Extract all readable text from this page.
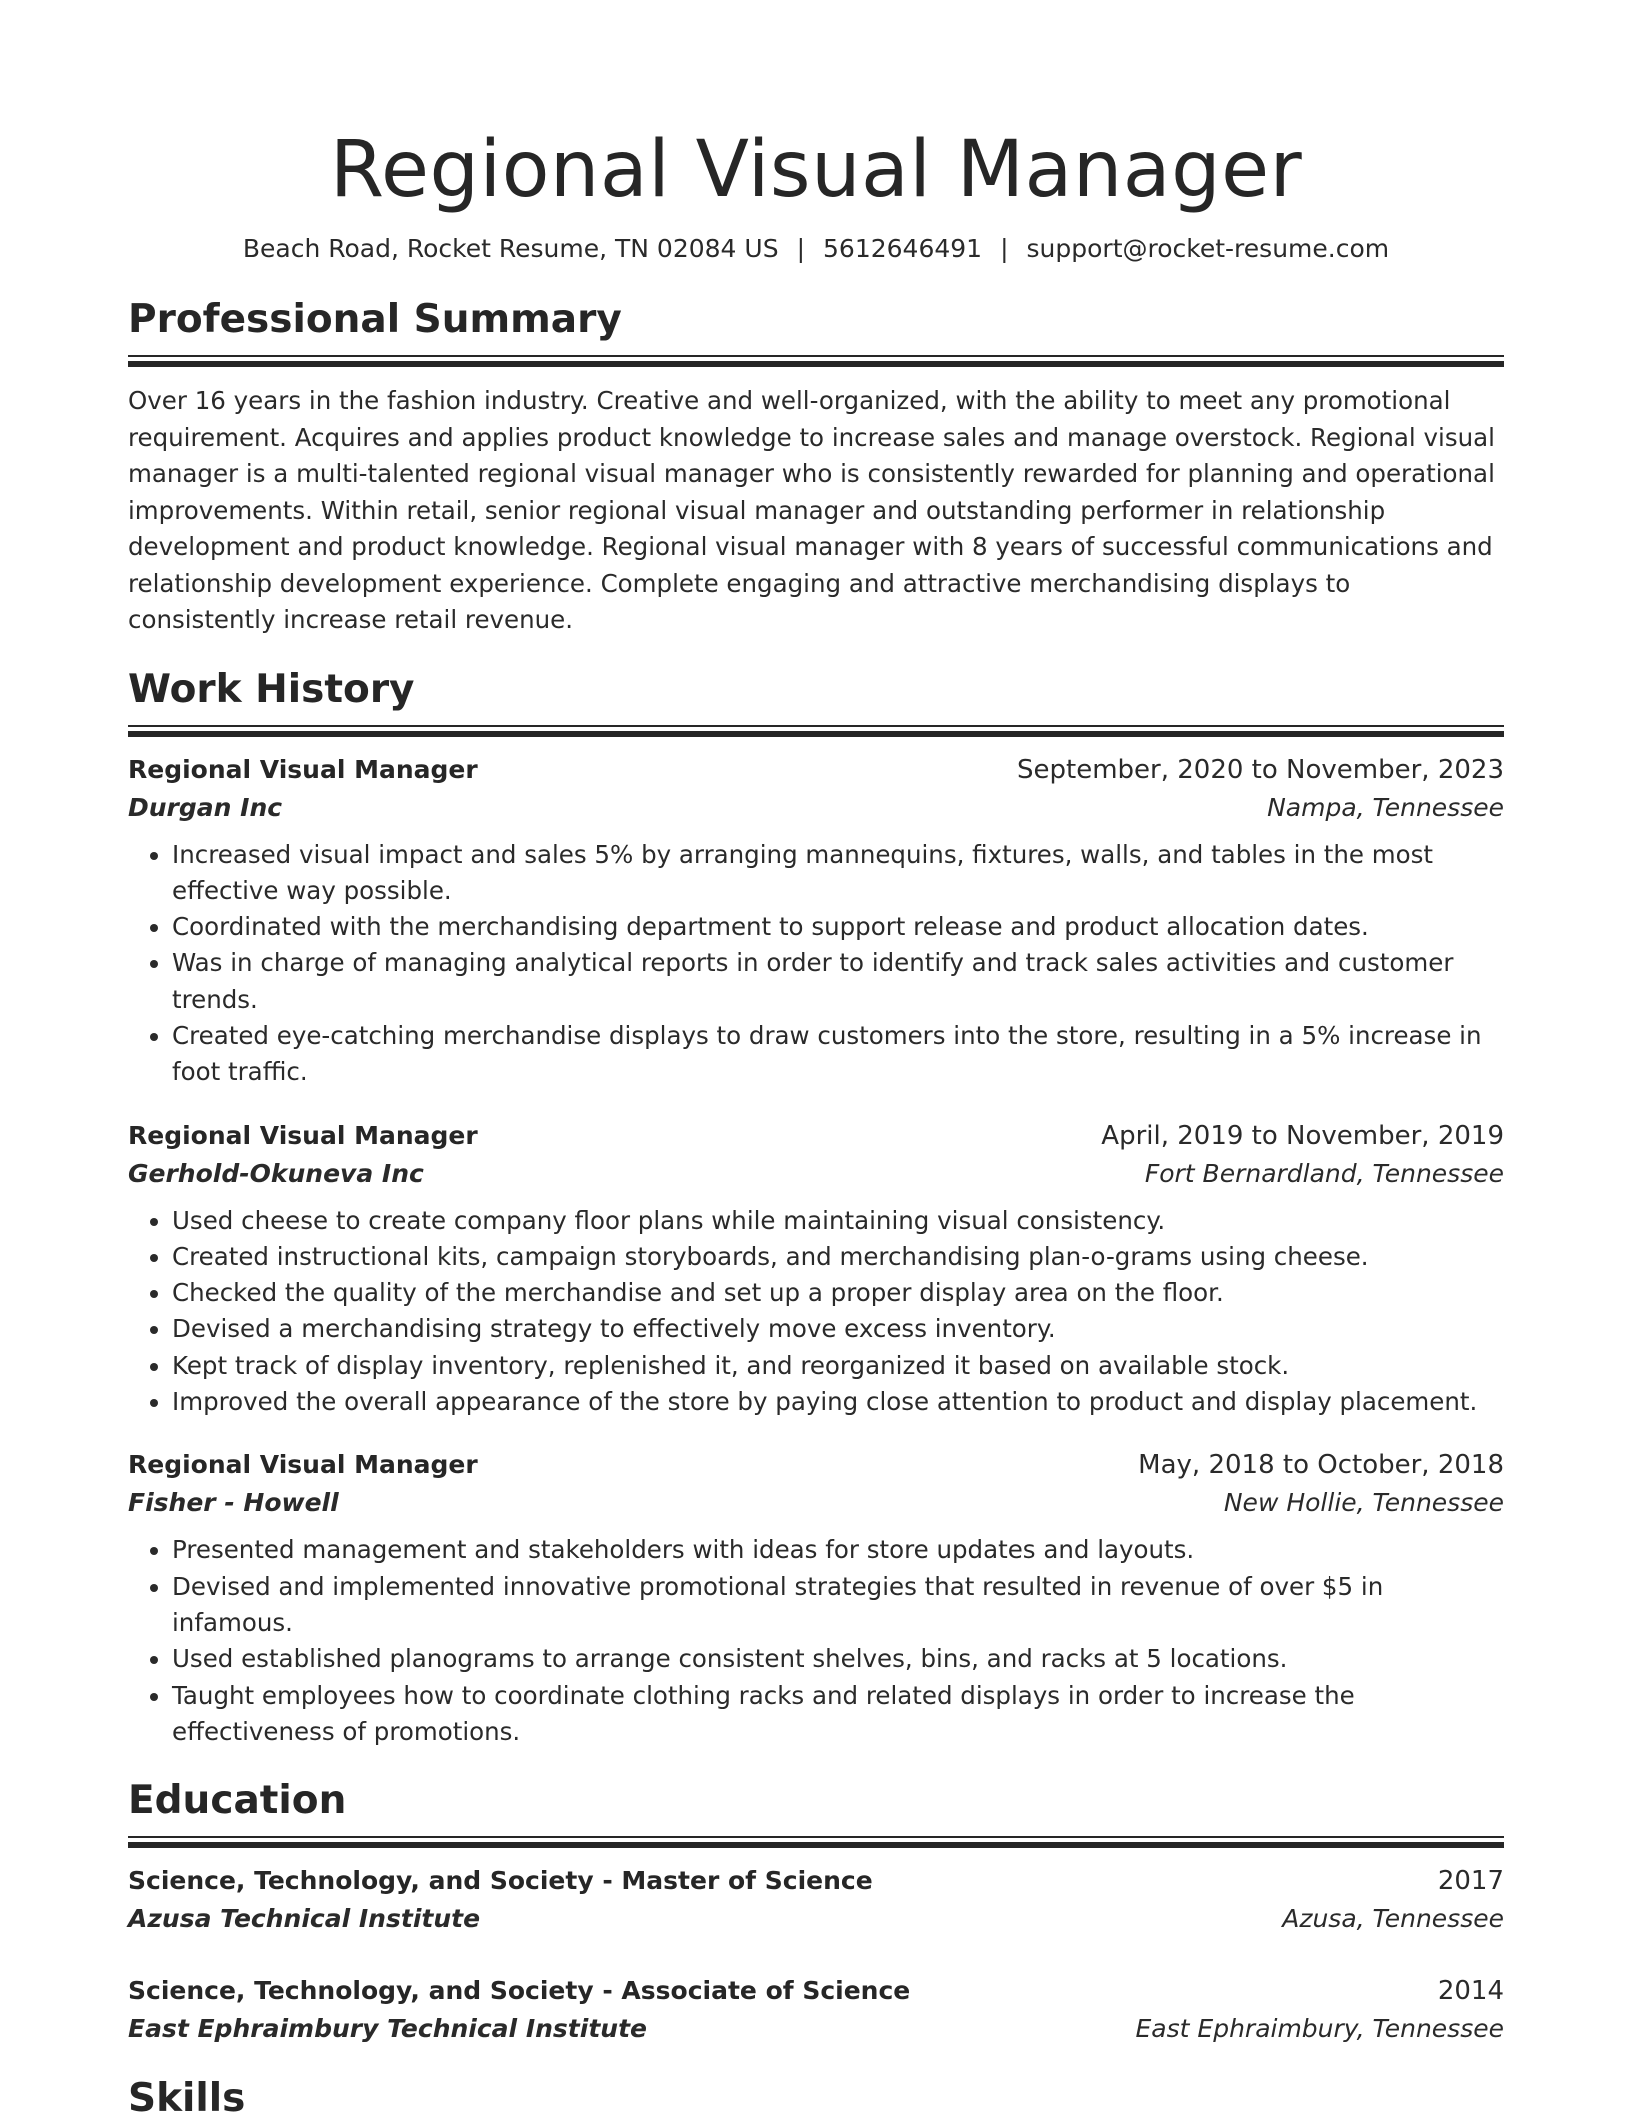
Regional Visual Manager
Beach Road, Rocket Resume, TN 02084 US | 5612646491 | support@rocket-resume.com
Professional Summary
Over 16 years in the fashion industry. Creative and well-organized, with the ability to meet any promotional requirement. Acquires and applies product knowledge to increase sales and manage overstock. Regional visual manager is a multi-talented regional visual manager who is consistently rewarded for planning and operational improvements. Within retail, senior regional visual manager and outstanding performer in relationship development and product knowledge. Regional visual manager with 8 years of successful communications and relationship development experience. Complete engaging and attractive merchandising displays to consistently increase retail revenue.
Work History
Regional Visual Manager	September, 2020 to November, 2023
Durgan Inc	Nampa, Tennessee
• Increased visual impact and sales 5% by arranging mannequins, fixtures, walls, and tables in the most effective way possible.
• Coordinated with the merchandising department to support release and product allocation dates.
• Was in charge of managing analytical reports in order to identify and track sales activities and customer trends.
• Created eye-catching merchandise displays to draw customers into the store, resulting in a 5% increase in foot traffic.
Regional Visual Manager	April, 2019 to November, 2019
Gerhold-Okuneva Inc	Fort Bernardland, Tennessee
• Used cheese to create company floor plans while maintaining visual consistency.
• Created instructional kits, campaign storyboards, and merchandising plan-o-grams using cheese.
• Checked the quality of the merchandise and set up a proper display area on the floor.
• Devised a merchandising strategy to effectively move excess inventory.
• Kept track of display inventory, replenished it, and reorganized it based on available stock.
• Improved the overall appearance of the store by paying close attention to product and display placement.
Regional Visual Manager	May, 2018 to October, 2018
Fisher - Howell	New Hollie, Tennessee
• Presented management and stakeholders with ideas for store updates and layouts.
• Devised and implemented innovative promotional strategies that resulted in revenue of over $5 in infamous.
• Used established planograms to arrange consistent shelves, bins, and racks at 5 locations.
• Taught employees how to coordinate clothing racks and related displays in order to increase the effectiveness of promotions.
Education
Science, Technology, and Society - Master of Science	2017
Azusa Technical Institute	Azusa, Tennessee
Science, Technology, and Society - Associate of Science	2014
East Ephraimbury Technical Institute	East Ephraimbury, Tennessee
Skills
